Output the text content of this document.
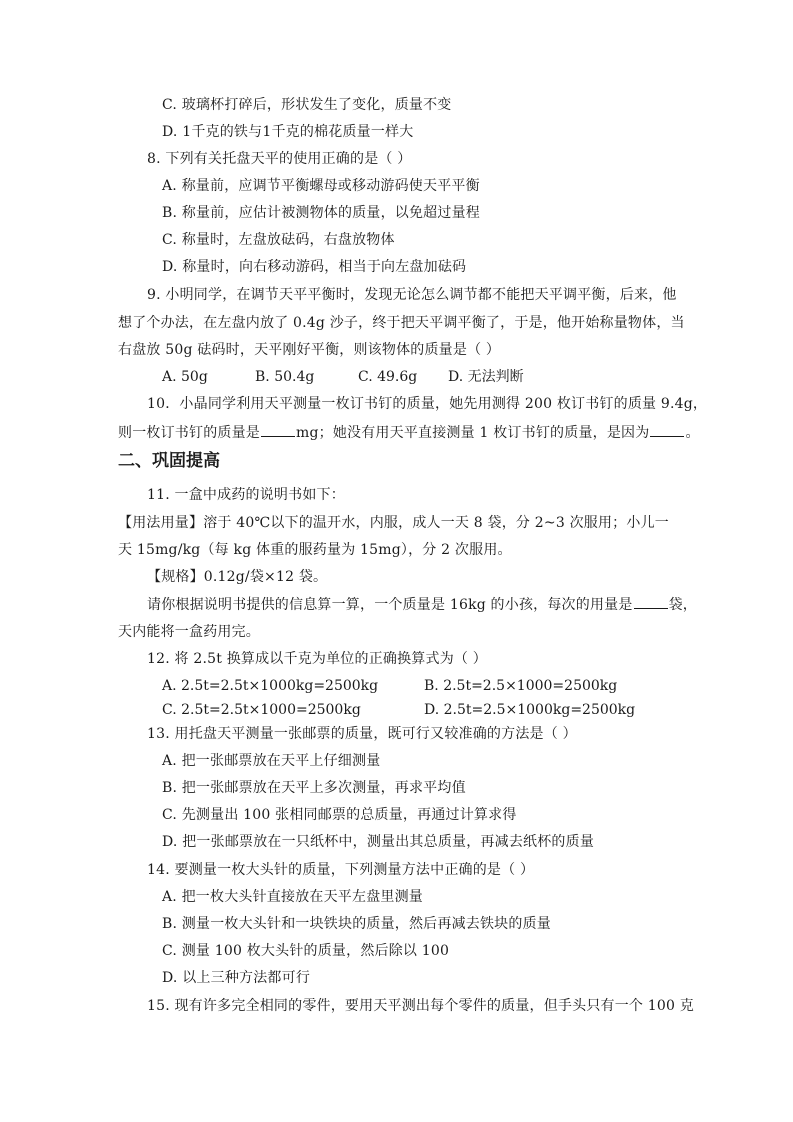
C. 玻璃杯打碎后，形状发生了变化，质量不变
D. 1千克的铁与1千克的棉花质量一样大
8. 下列有关托盘天平的使用正确的是（ ）
A. 称量前，应调节平衡螺母或移动游码使天平平衡
B. 称量前，应估计被测物体的质量，以免超过量程
C. 称量时，左盘放砝码，右盘放物体
D. 称量时，向右移动游码，相当于向左盘加砝码
9. 小明同学，在调节天平平衡时，发现无论怎么调节都不能把天平调平衡，后来，他
想了个办法，在左盘内放了 0.4g 沙子，终于把天平调平衡了，于是，他开始称量物体，当
右盘放 50g 砝码时，天平刚好平衡，则该物体的质量是（ ）
A. 50g	B. 50.4g	C. 49.6g D. 无法判断
10．小晶同学利用天平测量一枚订书钉的质量，她先用测得 200 枚订书钉的质量 9.4g，
则一枚订书钉的质量是	mg；她没有用天平直接测量 1 枚订书钉的质量，是因为	。
二、巩固提高
11. 一盒中成药的说明书如下：
【用法用量】溶于 40℃以下的温开水，内服，成人一天 8 袋，分 2~3 次服用；小儿一
天 15mg/kg（每 kg 体重的服药量为 15mg），分 2 次服用。
【规格】0.12g/袋×12 袋。
请你根据说明书提供的信息算一算，一个质量是 16kg 的小孩，每次的用量是	袋，
天内能将一盒药用完。
12. 将 2.5t 换算成以千克为单位的正确换算式为（ ）
A. 2.5t=2.5t×1000kg=2500kg	B. 2.5t=2.5×1000=2500kg
C. 2.5t=2.5t×1000=2500kg	D. 2.5t=2.5×1000kg=2500kg
13. 用托盘天平测量一张邮票的质量，既可行又较准确的方法是（ ）
A. 把一张邮票放在天平上仔细测量
B. 把一张邮票放在天平上多次测量，再求平均值
C. 先测量出 100 张相同邮票的总质量，再通过计算求得
D. 把一张邮票放在一只纸杯中，测量出其总质量，再减去纸杯的质量
14. 要测量一枚大头针的质量，下列测量方法中正确的是（ ）
A. 把一枚大头针直接放在天平左盘里测量
B. 测量一枚大头针和一块铁块的质量，然后再减去铁块的质量
C. 测量 100 枚大头针的质量，然后除以 100
D. 以上三种方法都可行
15. 现有许多完全相同的零件，要用天平测出每个零件的质量，但手头只有一个 100 克
